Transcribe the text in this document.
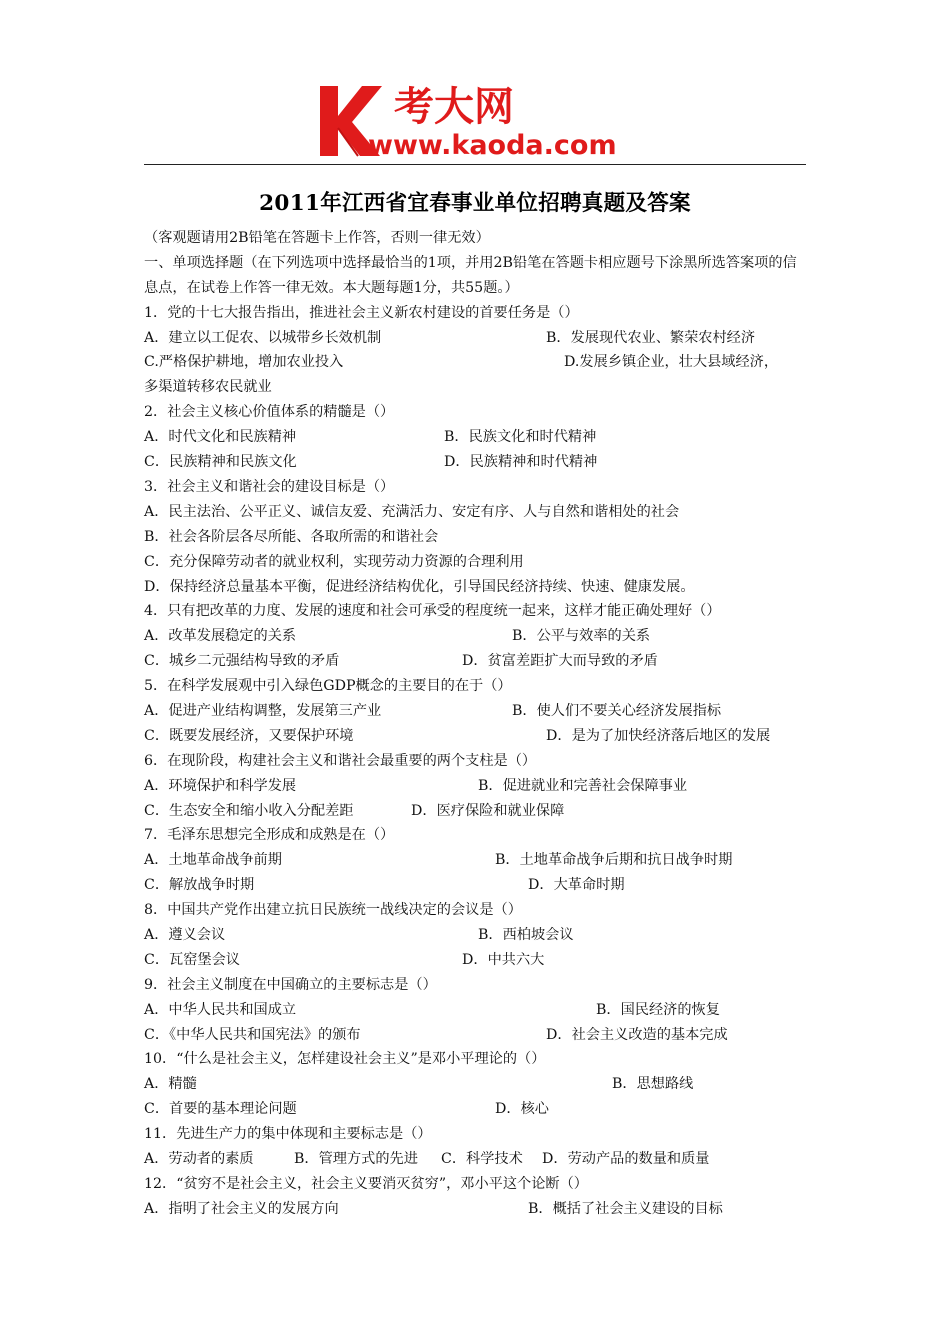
考大网
www.kaoda.com
2011年江西省宜春事业单位招聘真题及答案
（客观题请用2B铅笔在答题卡上作答，否则一律无效）
一、单项选择题（在下列选项中选择最恰当的1项，并用2B铅笔在答题卡相应题号下涂黑所选答案项的信息点，在试卷上作答一律无效。本大题每题1分，共55题。）
1．党的十七大报告指出，推进社会主义新农村建设的首要任务是（）
A．建立以工促农、以城带乡长效机制	B．发展现代农业、繁荣农村经济
C.严格保护耕地，增加农业投入	D.发展乡镇企业，壮大县域经济，
多渠道转移农民就业
2．社会主义核心价值体系的精髓是（）
A．时代文化和民族精神	B．民族文化和时代精神
C．民族精神和民族文化	D．民族精神和时代精神
3．社会主义和谐社会的建设目标是（）
A．民主法治、公平正义、诚信友爱、充满活力、安定有序、人与自然和谐相处的社会
B．社会各阶层各尽所能、各取所需的和谐社会
C．充分保障劳动者的就业权利，实现劳动力资源的合理利用
D．保持经济总量基本平衡，促进经济结构优化，引导国民经济持续、快速、健康发展。
4．只有把改革的力度、发展的速度和社会可承受的程度统一起来，这样才能正确处理好（）
A．改革发展稳定的关系	B．公平与效率的关系
C．城乡二元强结构导致的矛盾	D．贫富差距扩大而导致的矛盾
5．在科学发展观中引入绿色GDP概念的主要目的在于（）
A．促进产业结构调整，发展第三产业	B．使人们不要关心经济发展指标
C．既要发展经济，又要保护环境	D．是为了加快经济落后地区的发展
6．在现阶段，构建社会主义和谐社会最重要的两个支柱是（）
A．环境保护和科学发展	B．促进就业和完善社会保障事业
C．生态安全和缩小收入分配差距	D．医疗保险和就业保障
7．毛泽东思想完全形成和成熟是在（）
A．土地革命战争前期	B．土地革命战争后期和抗日战争时期
C．解放战争时期	D．大革命时期
8．中国共产党作出建立抗日民族统一战线决定的会议是（）
A．遵义会议	B．西柏坡会议
C．瓦窑堡会议	D．中共六大
9．社会主义制度在中国确立的主要标志是（）
A．中华人民共和国成立	B．国民经济的恢复
C．《中华人民共和国宪法》的颁布	D．社会主义改造的基本完成
10．“什么是社会主义，怎样建设社会主义”是邓小平理论的（）
A．精髓	B．思想路线
C．首要的基本理论问题	D．核心
11．先进生产力的集中体现和主要标志是（）
A．劳动者的素质	B．管理方式的先进 C．科学技术 D．劳动产品的数量和质量
12．“贫穷不是社会主义，社会主义要消灭贫穷”，邓小平这个论断（）
A．指明了社会主义的发展方向	B．概括了社会主义建设的目标
